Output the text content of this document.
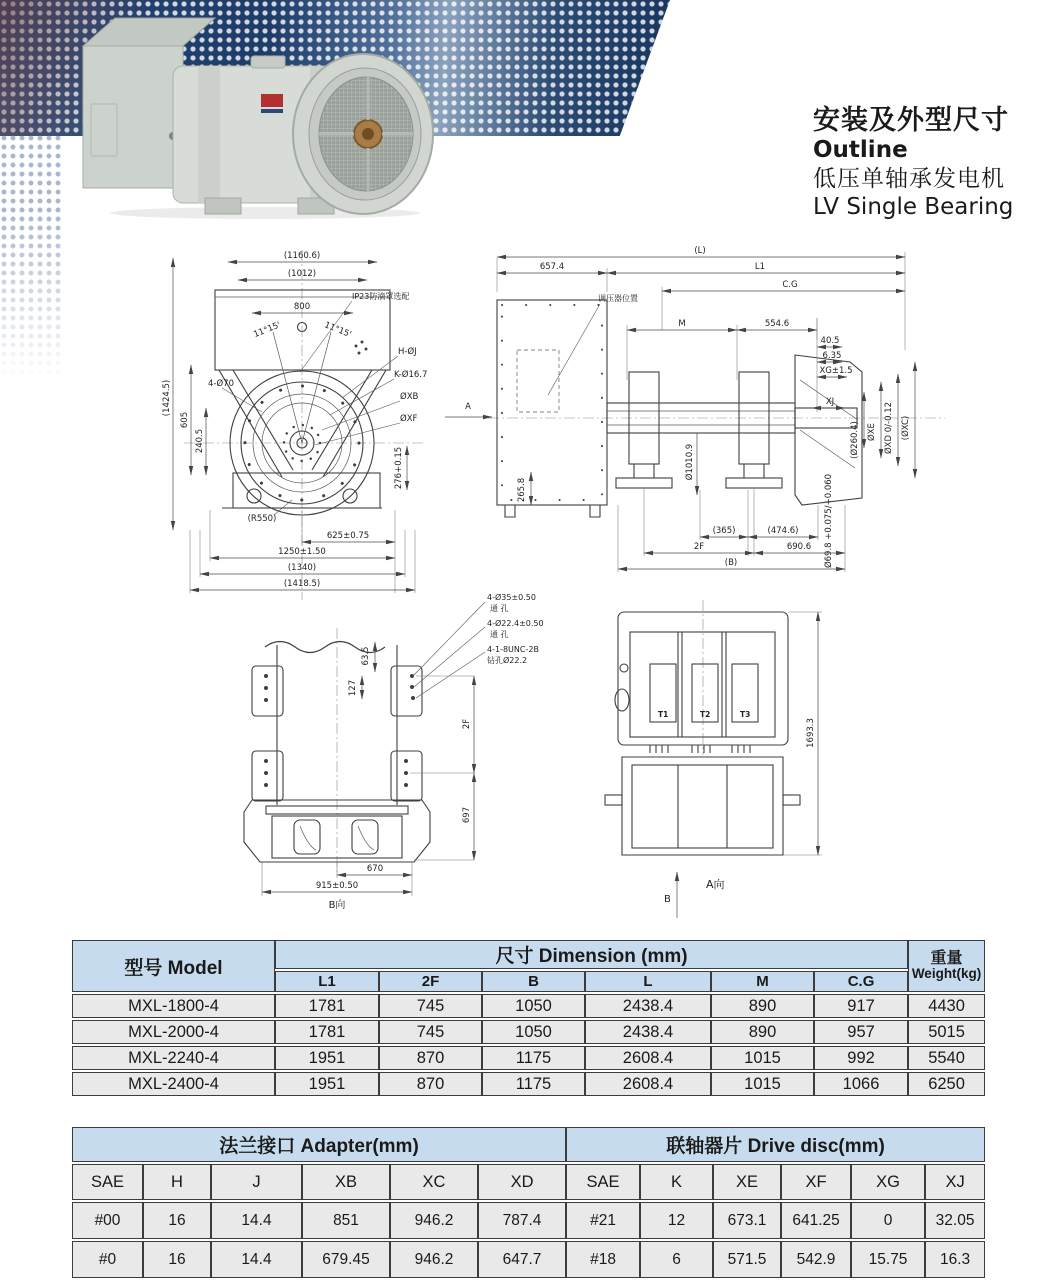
安装及外型尺寸
Outline
低压单轴承发电机
LV Single Bearing
(1160.6)
(1012)
800
11°15'	11°15'
(1424.5)
605
240.5
IP23防滴罩选配
H-ØJ
K-Ø16.7
ØXB
ØXF
4-Ø70
276+0.15
(R550)
625±0.75
1250±1.50
(1340)
(1418.5)
调压器位置
A
(L)
657.4	L1
C.G
M	554.6
40.5
6.35
XG±1.5
XJ
Ø1010.9
265.8
(Ø260.4) ØXE ØXD 0/-0.12 (ØXC)
Ø69.8 +0.075/+0.060
(365)	(474.6)
2F	690.6
(B)
4-Ø35±0.50
通 孔
4-Ø22.4±0.50
通 孔
4-1-8UNC-2B
钻孔Ø22.2
63.5
127
2F
697
670
915±0.50
B向
T1	T2	T3
1693.3
A向
B
型号 Model	尺寸 Dimension (mm)						重量
Weight(kg)

	L1	2F	B	L	M	C.G	
MXL-1800-4	1781	745	1050	2438.4	890	917	4430
MXL-2000-4	1781	745	1050	2438.4	890	957	5015
MXL-2240-4	1951	870	1175	2608.4	1015	992	5540
MXL-2400-4	1951	870	1175	2608.4	1015	1066	6250
法兰接口 Adapter(mm)						联轴器片 Drive disc(mm)					
SAE	H	J	XB	XC	XD	SAE	K	XE	XF	XG	XJ
#00	16	14.4	851	946.2	787.4	#21	12	673.1	641.25	0	32.05
#0	16	14.4	679.45	946.2	647.7	#18	6	571.5	542.9	15.75	16.3
